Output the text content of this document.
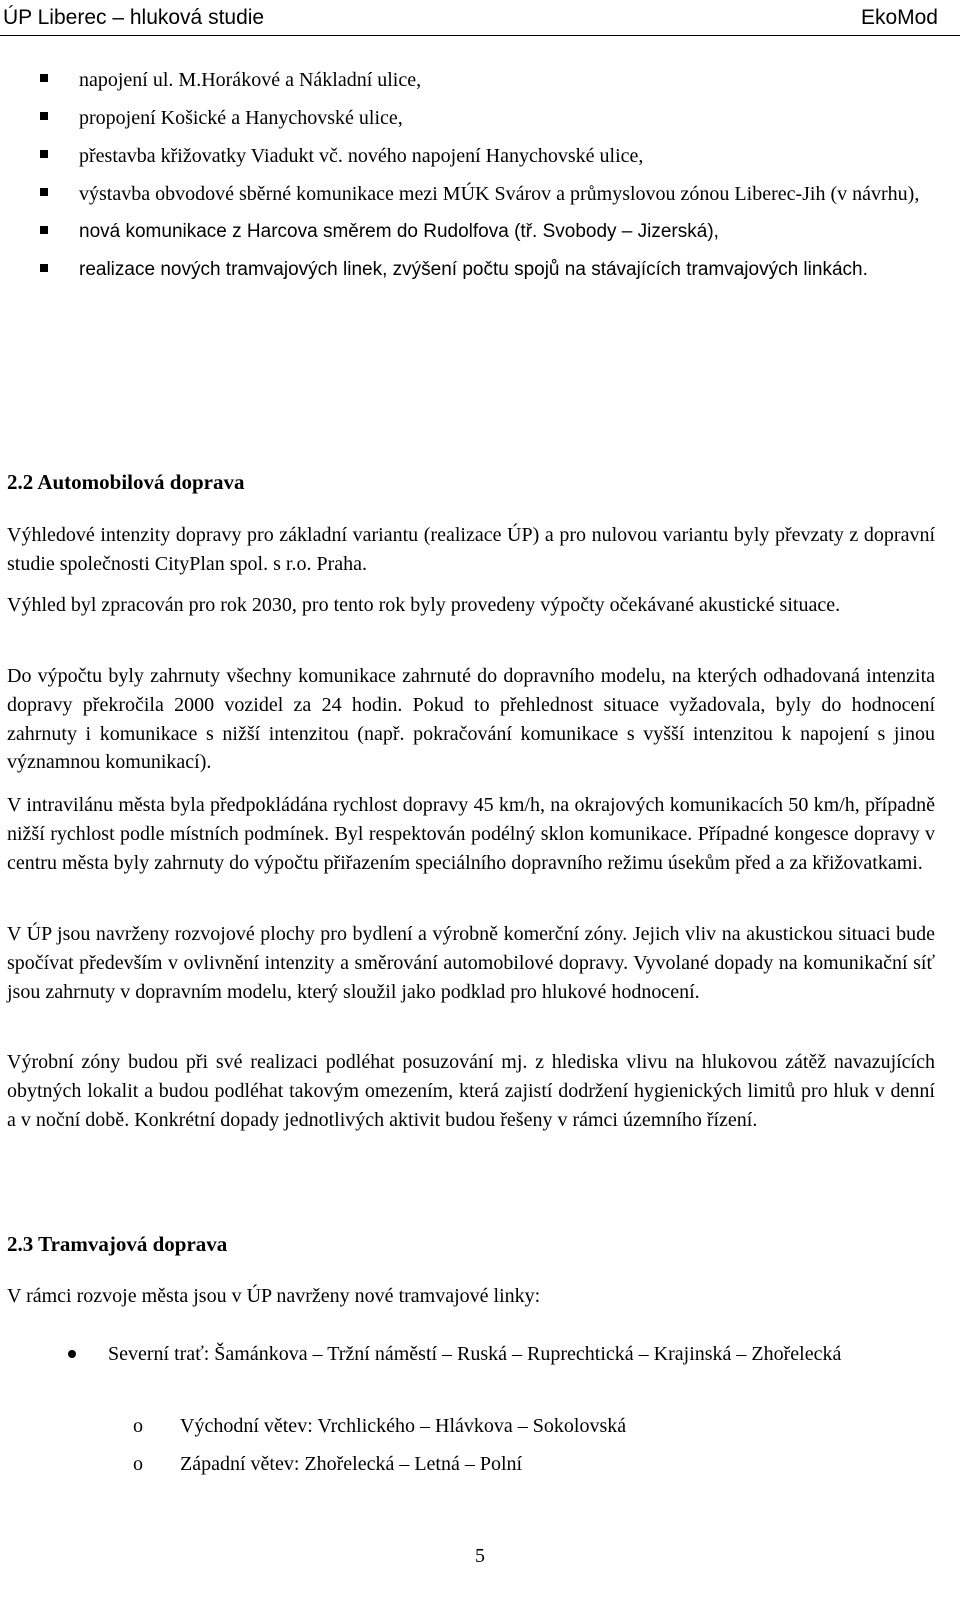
ÚP Liberec – hluková studie	EkoMod
napojení ul. M.Horákové a Nákladní ulice,
propojení Košické a Hanychovské ulice,
přestavba křižovatky Viadukt vč. nového napojení Hanychovské ulice,
výstavba obvodové sběrné komunikace mezi MÚK Svárov a průmyslovou zónou Liberec-Jih (v návrhu),
nová komunikace z Harcova směrem do Rudolfova (tř. Svobody – Jizerská),
realizace nových tramvajových linek, zvýšení počtu spojů na stávajících tramvajových linkách.
2.2 Automobilová doprava

Výhledové intenzity dopravy pro základní variantu (realizace ÚP) a pro nulovou variantu byly převzaty z dopravní studie společnosti CityPlan spol. s r.o. Praha.

Výhled byl zpracován pro rok 2030, pro tento rok byly provedeny výpočty očekávané akustické situace.

Do výpočtu byly zahrnuty všechny komunikace zahrnuté do dopravního modelu, na kterých odhadovaná intenzita dopravy překročila 2000 vozidel za 24 hodin. Pokud to přehlednost situace vyžadovala, byly do hodnocení zahrnuty i komunikace s nižší intenzitou (např. pokračování komunikace s vyšší intenzitou k napojení s jinou významnou komunikací).

V intravilánu města byla předpokládána rychlost dopravy 45 km/h, na okrajových komunikacích 50 km/h, případně nižší rychlost podle místních podmínek. Byl respektován podélný sklon komunikace. Případné kongesce dopravy v centru města byly zahrnuty do výpočtu přiřazením speciálního dopravního režimu úsekům před a za křižovatkami.

V ÚP jsou navrženy rozvojové plochy pro bydlení a výrobně komerční zóny. Jejich vliv na akustickou situaci bude spočívat především v ovlivnění intenzity a směrování automobilové dopravy. Vyvolané dopady na komunikační síť jsou zahrnuty v dopravním modelu, který sloužil jako podklad pro hlukové hodnocení.

Výrobní zóny budou při své realizaci podléhat posuzování mj. z hlediska vlivu na hlukovou zátěž navazujících obytných lokalit a budou podléhat takovým omezením, která zajistí dodržení hygienických limitů pro hluk v denní a v noční době. Konkrétní dopady jednotlivých aktivit budou řešeny v rámci územního řízení.

2.3 Tramvajová doprava

V rámci rozvoje města jsou v ÚP navrženy nové tramvajové linky:

Severní trať: Šamánkova – Tržní náměstí – Ruská – Ruprechtická – Krajinská – Zhořelecká

o Východní větev: Vrchlického – Hlávkova – Sokolovská
o Západní větev: Zhořelecká – Letná – Polní
5
